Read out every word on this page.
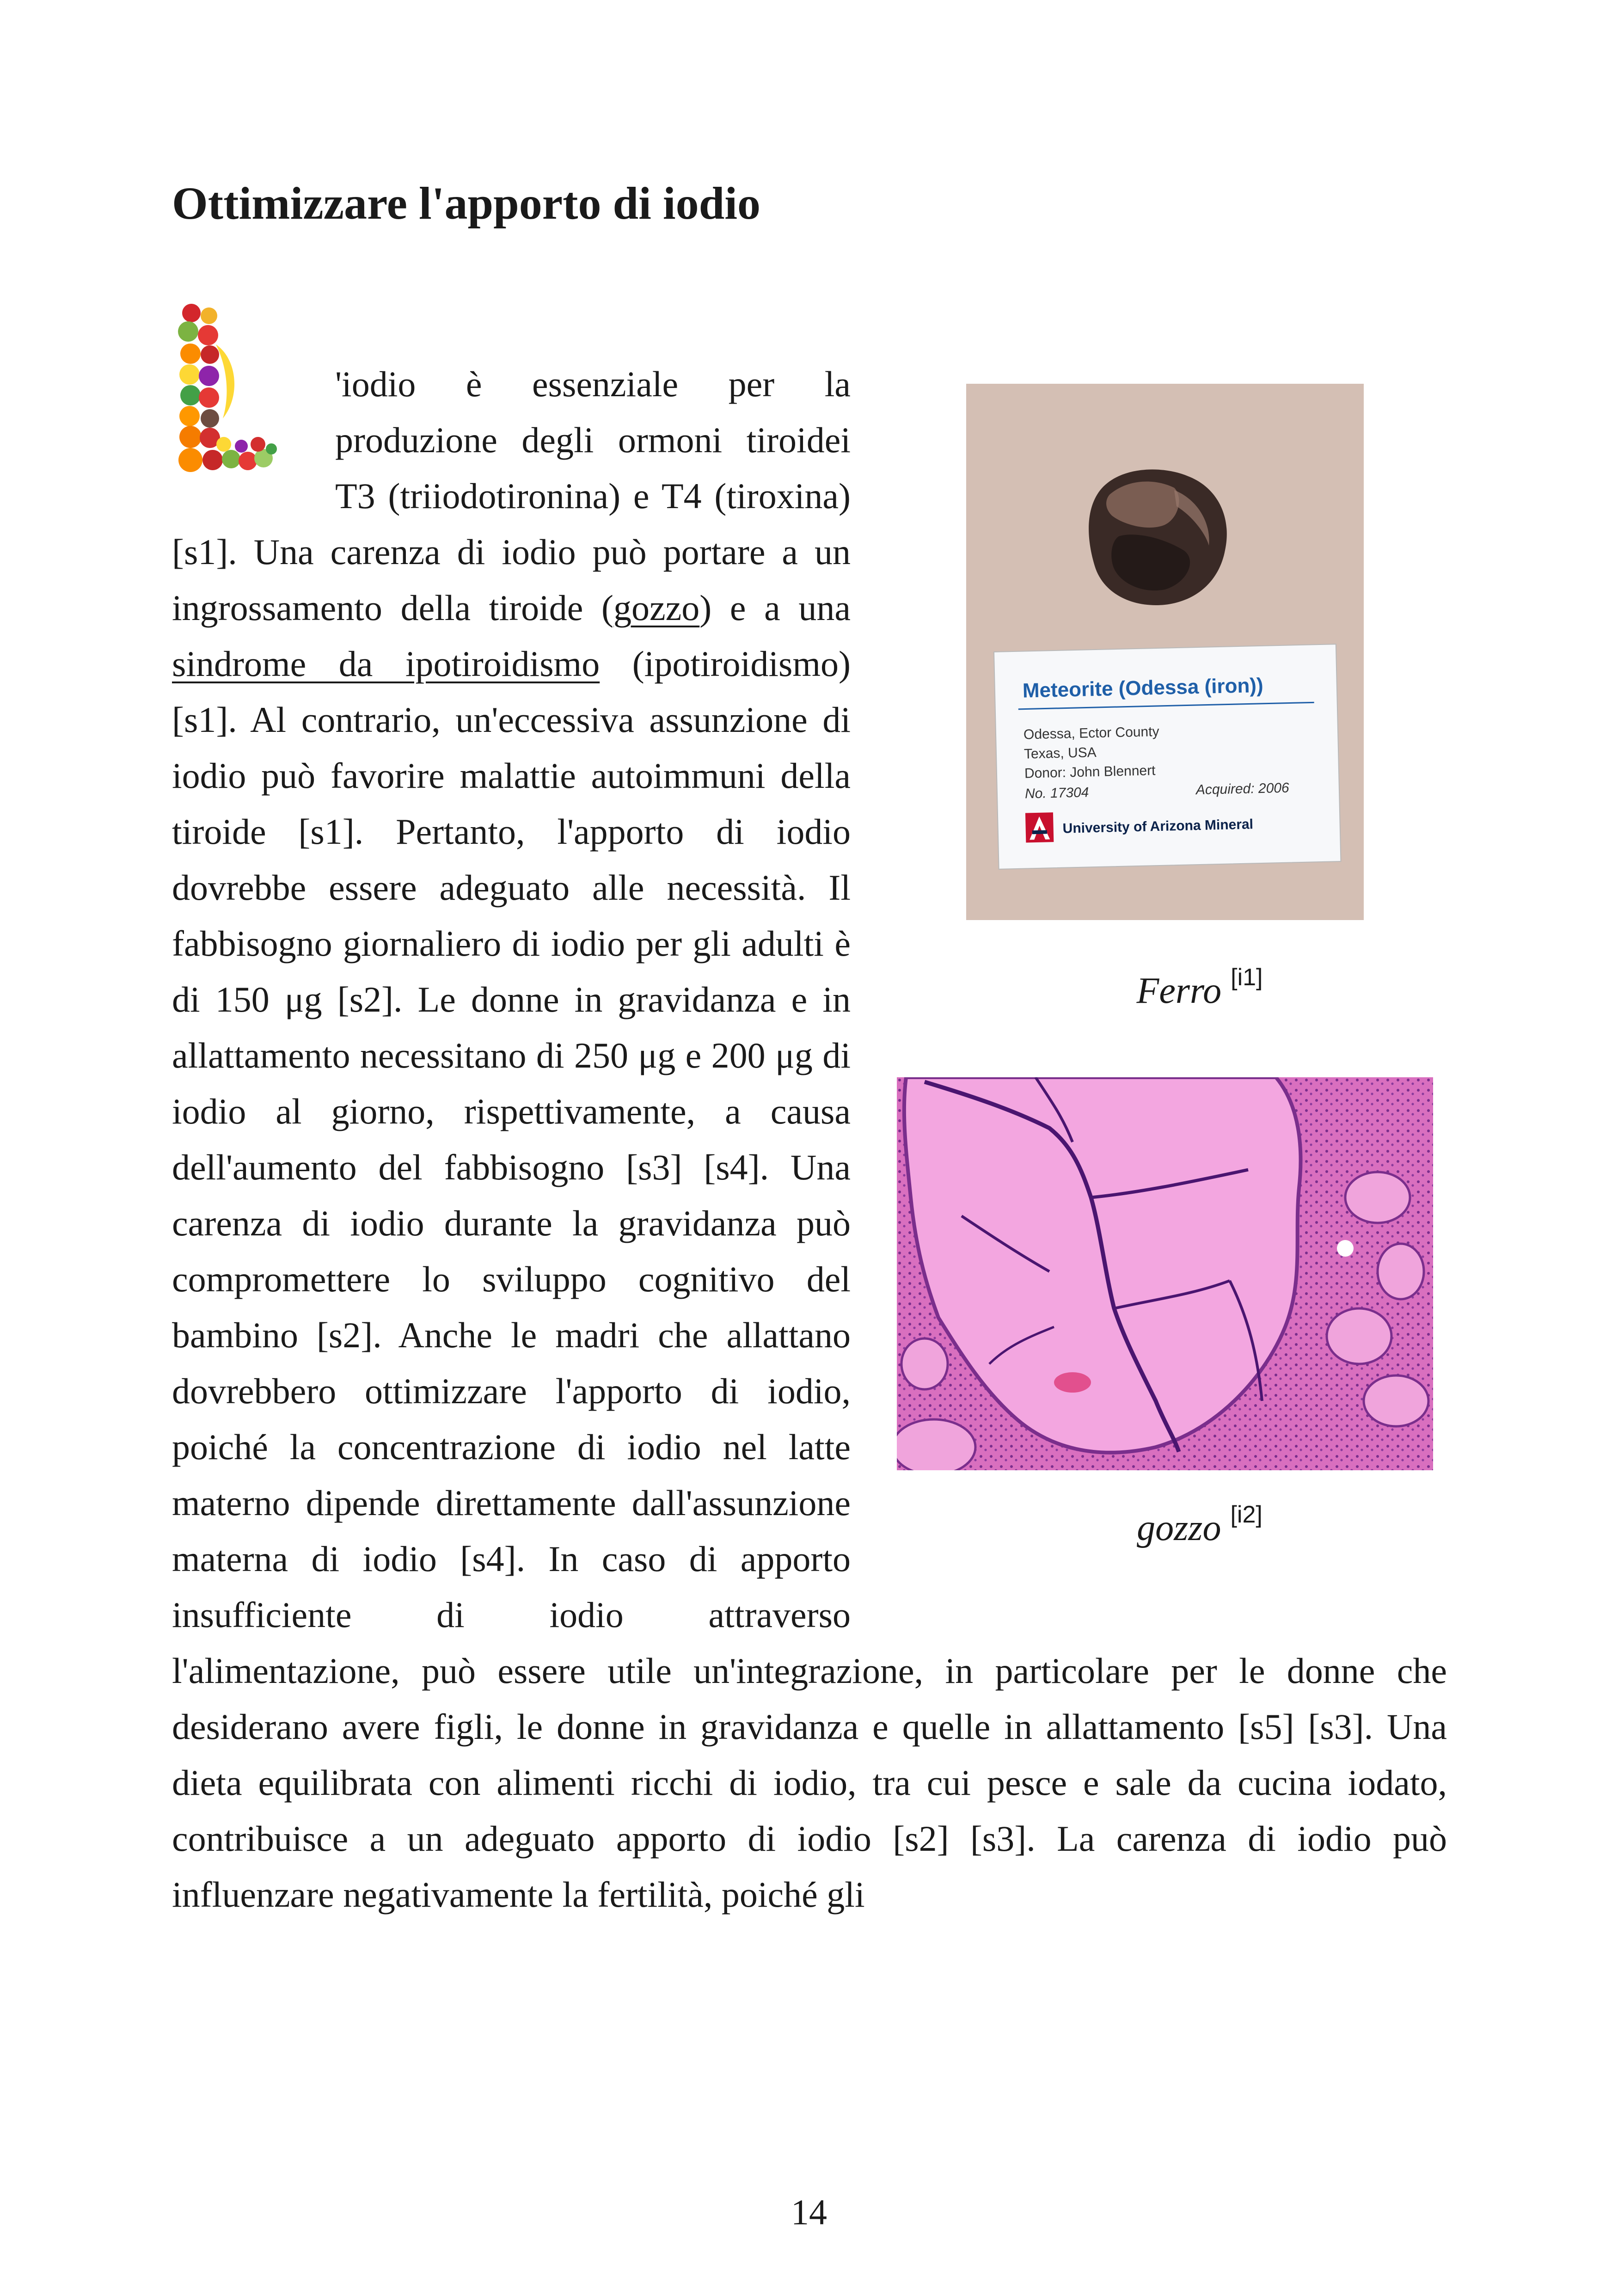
Ottimizzare l'apporto di iodio
Meteorite (Odessa (iron))
Odessa, Ector County
Texas, USA
Donor: John Blennert
No. 17304	Acquired: 2006
University of Arizona Mineral
Ferro [i1]
gozzo [i2]
'iodio è essenziale per la produzione degli ormoni tiroidei T3 (triiodotironina) e T4 (tiroxina) [s1]. Una carenza di iodio può portare a un ingrossamento della tiroide (gozzo) e a una sindrome da ipotiroidismo (ipotiroidismo) [s1]. Al contrario, un'eccessiva assunzione di iodio può favorire malattie autoimmuni della tiroide [s1]. Pertanto, l'apporto di iodio dovrebbe essere adeguato alle necessità. Il fabbisogno giornaliero di iodio per gli adulti è di 150 μg [s2]. Le donne in gravidanza e in allattamento necessitano di 250 μg e 200 μg di iodio al giorno, rispettivamente, a causa dell'aumento del fabbisogno [s3] [s4]. Una carenza di iodio durante la gravidanza può compromettere lo sviluppo cognitivo del bambino [s2]. Anche le madri che allattano dovrebbero ottimizzare l'apporto di iodio, poiché la concentrazione di iodio nel latte materno dipende direttamente dall'assunzione materna di iodio [s4]. In caso di apporto insufficiente di iodio attraverso l'alimentazione, può essere utile un'integrazione, in particolare per le donne che desiderano avere figli, le donne in gravidanza e quelle in allattamento [s5] [s3]. Una dieta equilibrata con alimenti ricchi di iodio, tra cui pesce e sale da cucina iodato, contribuisce a un adeguato apporto di iodio [s2] [s3]. La carenza di iodio può influenzare negativamente la fertilità, poiché gli
14
